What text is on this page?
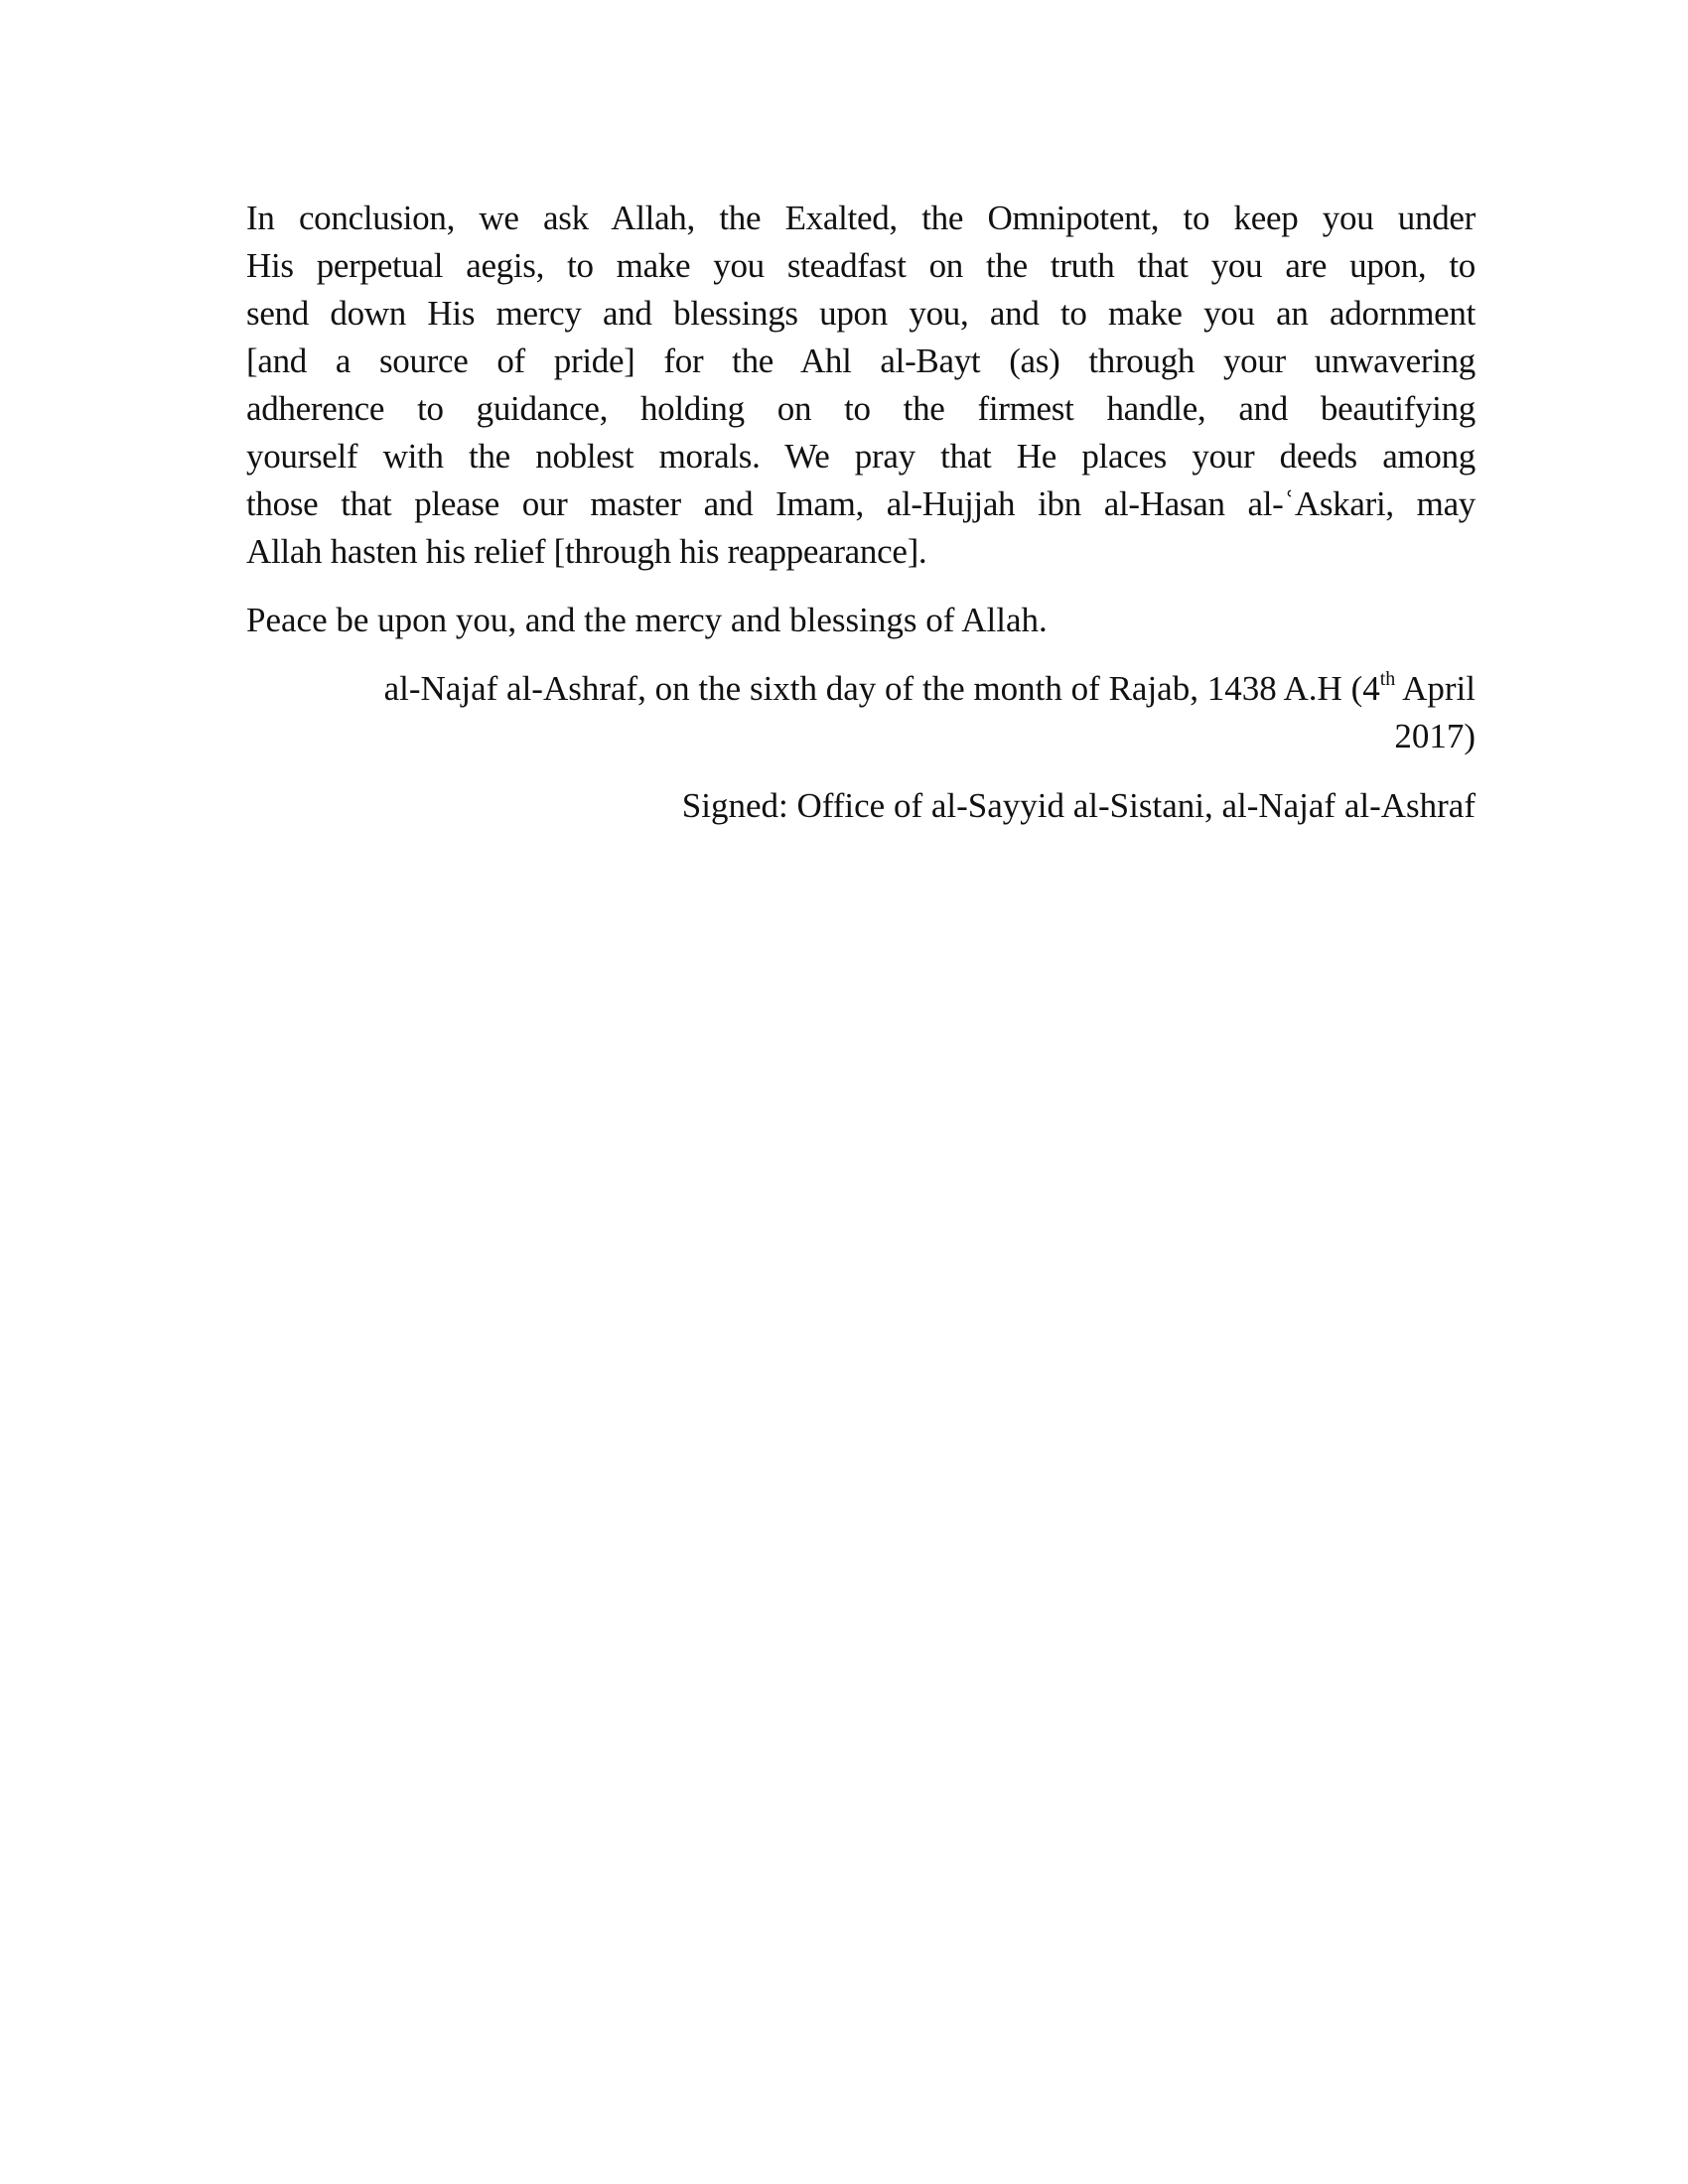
In conclusion, we ask Allah, the Exalted, the Omnipotent, to keep you under
His perpetual aegis, to make you steadfast on the truth that you are upon, to
send down His mercy and blessings upon you, and to make you an adornment
[and a source of pride] for the Ahl al-Bayt (as) through your unwavering
adherence to guidance, holding on to the firmest handle, and beautifying
yourself with the noblest morals. We pray that He places your deeds among
those that please our master and Imam, al-Hujjah ibn al-Hasan al-ʿAskari, may
Allah hasten his relief [through his reappearance].
Peace be upon you, and the mercy and blessings of Allah.
al-Najaf al-Ashraf, on the sixth day of the month of Rajab, 1438 A.H (4th April
2017)
Signed: Office of al-Sayyid al-Sistani, al-Najaf al-Ashraf
